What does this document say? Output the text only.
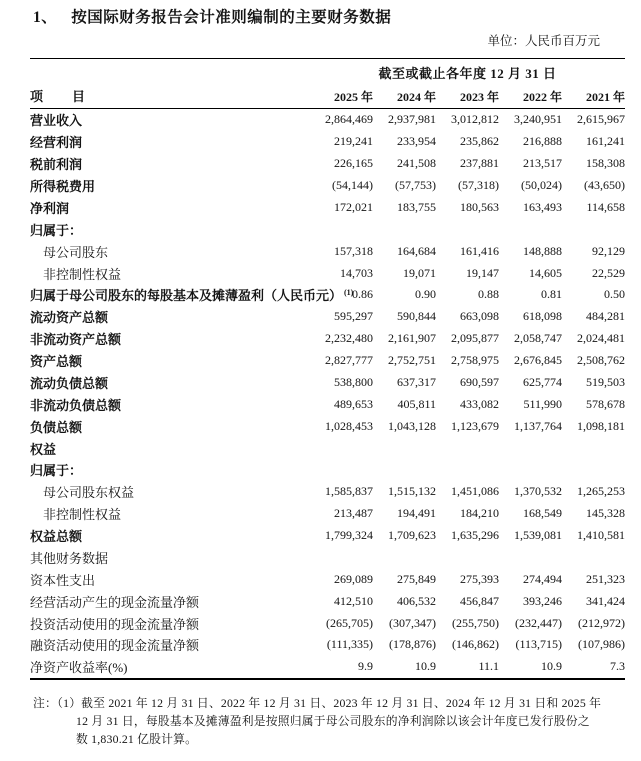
1、 按国际财务报告会计准则编制的主要财务数据
单位：人民币百万元
	截至或截止各年度 12 月 31 日				
项　　目	2025 年	2024 年	2023 年	2022 年	2021 年
营业收入	2,864,469	2,937,981	3,012,812	3,240,951	2,615,967
经营利润	219,241	233,954	235,862	216,888	161,241
税前利润	226,165	241,508	237,881	213,517	158,308
所得税费用	(54,144)	(57,753)	(57,318)	(50,024)	(43,650)
净利润	172,021	183,755	180,563	163,493	114,658
归属于：					
母公司股东	157,318	164,684	161,416	148,888	92,129
非控制性权益	14,703	19,071	19,147	14,605	22,529
归属于母公司股东的每股基本及摊薄盈利（人民币元） $^{(1)}$	0.86	0.90	0.88	0.81	0.50
流动资产总额	595,297	590,844	663,098	618,098	484,281
非流动资产总额	2,232,480	2,161,907	2,095,877	2,058,747	2,024,481
资产总额	2,827,777	2,752,751	2,758,975	2,676,845	2,508,762
流动负债总额	538,800	637,317	690,597	625,774	519,503
非流动负债总额	489,653	405,811	433,082	511,990	578,678
负债总额	1,028,453	1,043,128	1,123,679	1,137,764	1,098,181
权益					
归属于：					
母公司股东权益	1,585,837	1,515,132	1,451,086	1,370,532	1,265,253
非控制性权益	213,487	194,491	184,210	168,549	145,328
权益总额	1,799,324	1,709,623	1,635,296	1,539,081	1,410,581
其他财务数据					
资本性支出	269,089	275,849	275,393	274,494	251,323
经营活动产生的现金流量净额	412,510	406,532	456,847	393,246	341,424
投资活动使用的现金流量净额	(265,705)	(307,347)	(255,750)	(232,447)	(212,972)
融资活动使用的现金流量净额	(111,335)	(178,876)	(146,862)	(113,715)	(107,986)
净资产收益率(%)	9.9	10.9	11.1	10.9	7.3
注：（1）截至 2021 年 12 月 31 日、2022 年 12 月 31 日、2023 年 12 月 31 日、2024 年 12 月 31 日和 2025 年
12 月 31 日，每股基本及摊薄盈利是按照归属于母公司股东的净利润除以该会计年度已发行股份之
数 1,830.21 亿股计算。
